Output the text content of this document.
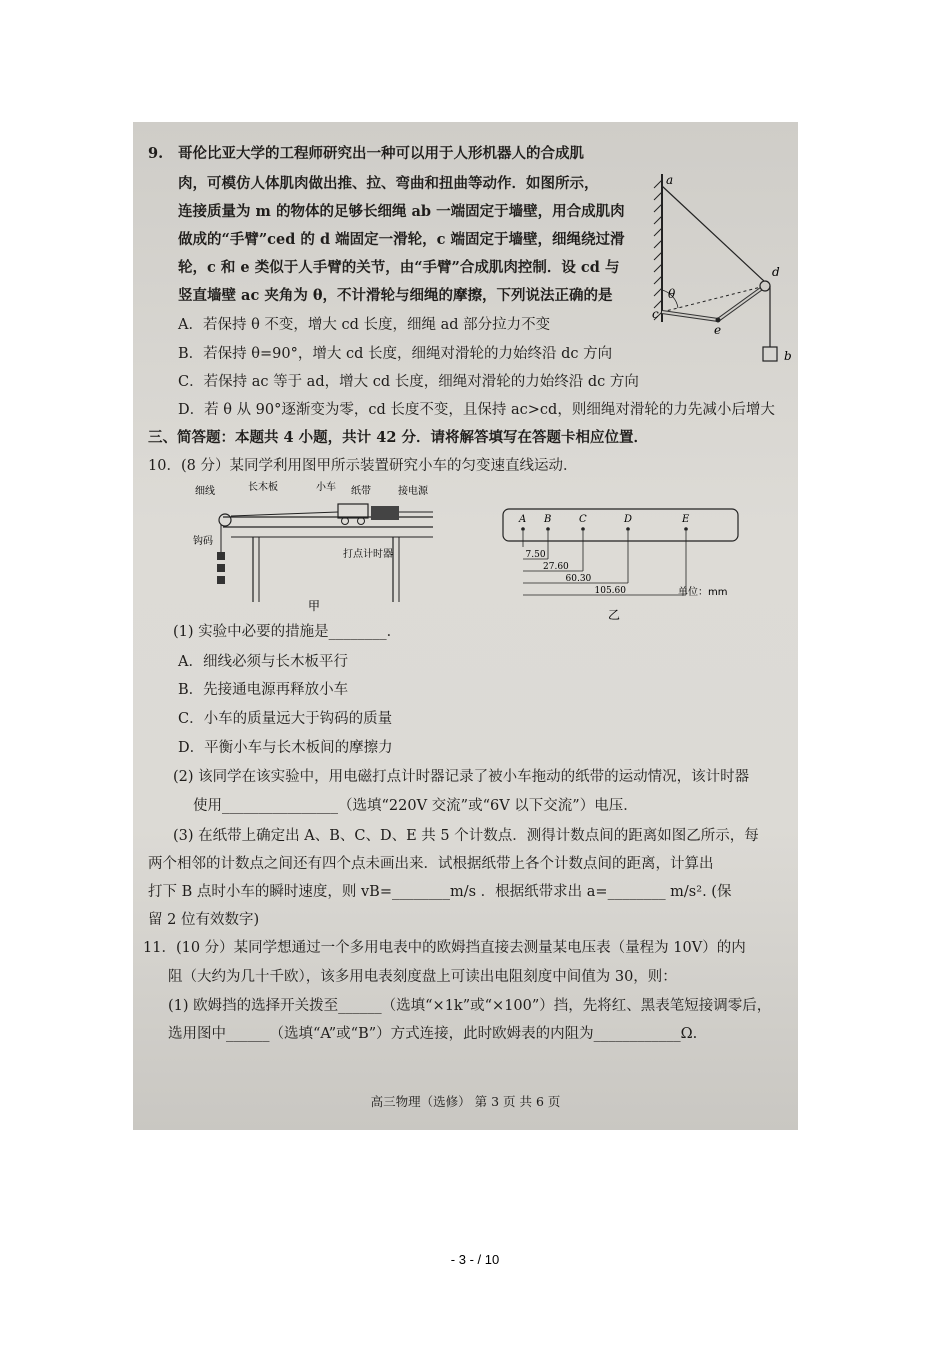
9. 哥伦比亚大学的工程师研究出一种可以用于人形机器人的合成肌
肉，可模仿人体肌肉做出推、拉、弯曲和扭曲等动作．如图所示，
连接质量为 m 的物体的足够长细绳 ab 一端固定于墙壁，用合成肌肉
做成的“手臂”ced 的 d 端固定一滑轮，c 端固定于墙壁，细绳绕过滑
轮，c 和 e 类似于人手臂的关节，由“手臂”合成肌肉控制．设 cd 与
竖直墙壁 ac 夹角为 θ，不计滑轮与细绳的摩擦，下列说法正确的是
A．若保持 θ 不变，增大 cd 长度，细绳 ad 部分拉力不变
B．若保持 θ=90°，增大 cd 长度，细绳对滑轮的力始终沿 dc 方向
C．若保持 ac 等于 ad，增大 cd 长度，细绳对滑轮的力始终沿 dc 方向
D．若 θ 从 90°逐渐变为零，cd 长度不变，且保持 ac>cd，则细绳对滑轮的力先减小后增大
a
b
c
d
e
θ
三、简答题：本题共 4 小题，共计 42 分．请将解答填写在答题卡相应位置．
10．(8 分）某同学利用图甲所示装置研究小车的匀变速直线运动．
细线	长木板	小车 纸带	接电源
钩码
打点计时器
甲
A B	C	D	E
7.50
27.60
60.30
105.60
乙
单位：mm
(1) 实验中必要的措施是________．
A．细线必须与长木板平行
B．先接通电源再释放小车
C．小车的质量远大于钩码的质量
D．平衡小车与长木板间的摩擦力
(2) 该同学在该实验中，用电磁打点计时器记录了被小车拖动的纸带的运动情况，该计时器
使用________________（选填“220V 交流”或“6V 以下交流”）电压．
(3) 在纸带上确定出 A、B、C、D、E 共 5 个计数点．测得计数点间的距离如图乙所示，每
两个相邻的计数点之间还有四个点未画出来．试根据纸带上各个计数点间的距离，计算出
打下 B 点时小车的瞬时速度，则 vB=________m/s ．根据纸带求出 a=________ m/s². (保
留 2 位有效数字)
11．(10 分）某同学想通过一个多用电表中的欧姆挡直接去测量某电压表（量程为 10V）的内
阻（大约为几十千欧），该多用电表刻度盘上可读出电阻刻度中间值为 30，则：
(1) 欧姆挡的选择开关拨至______（选填“×1k”或“×100”）挡，先将红、黑表笔短接调零后，
选用图中______（选填“A”或“B”）方式连接，此时欧姆表的内阻为____________Ω.
高三物理（选修） 第 3 页 共 6 页
- 3 - / 10
